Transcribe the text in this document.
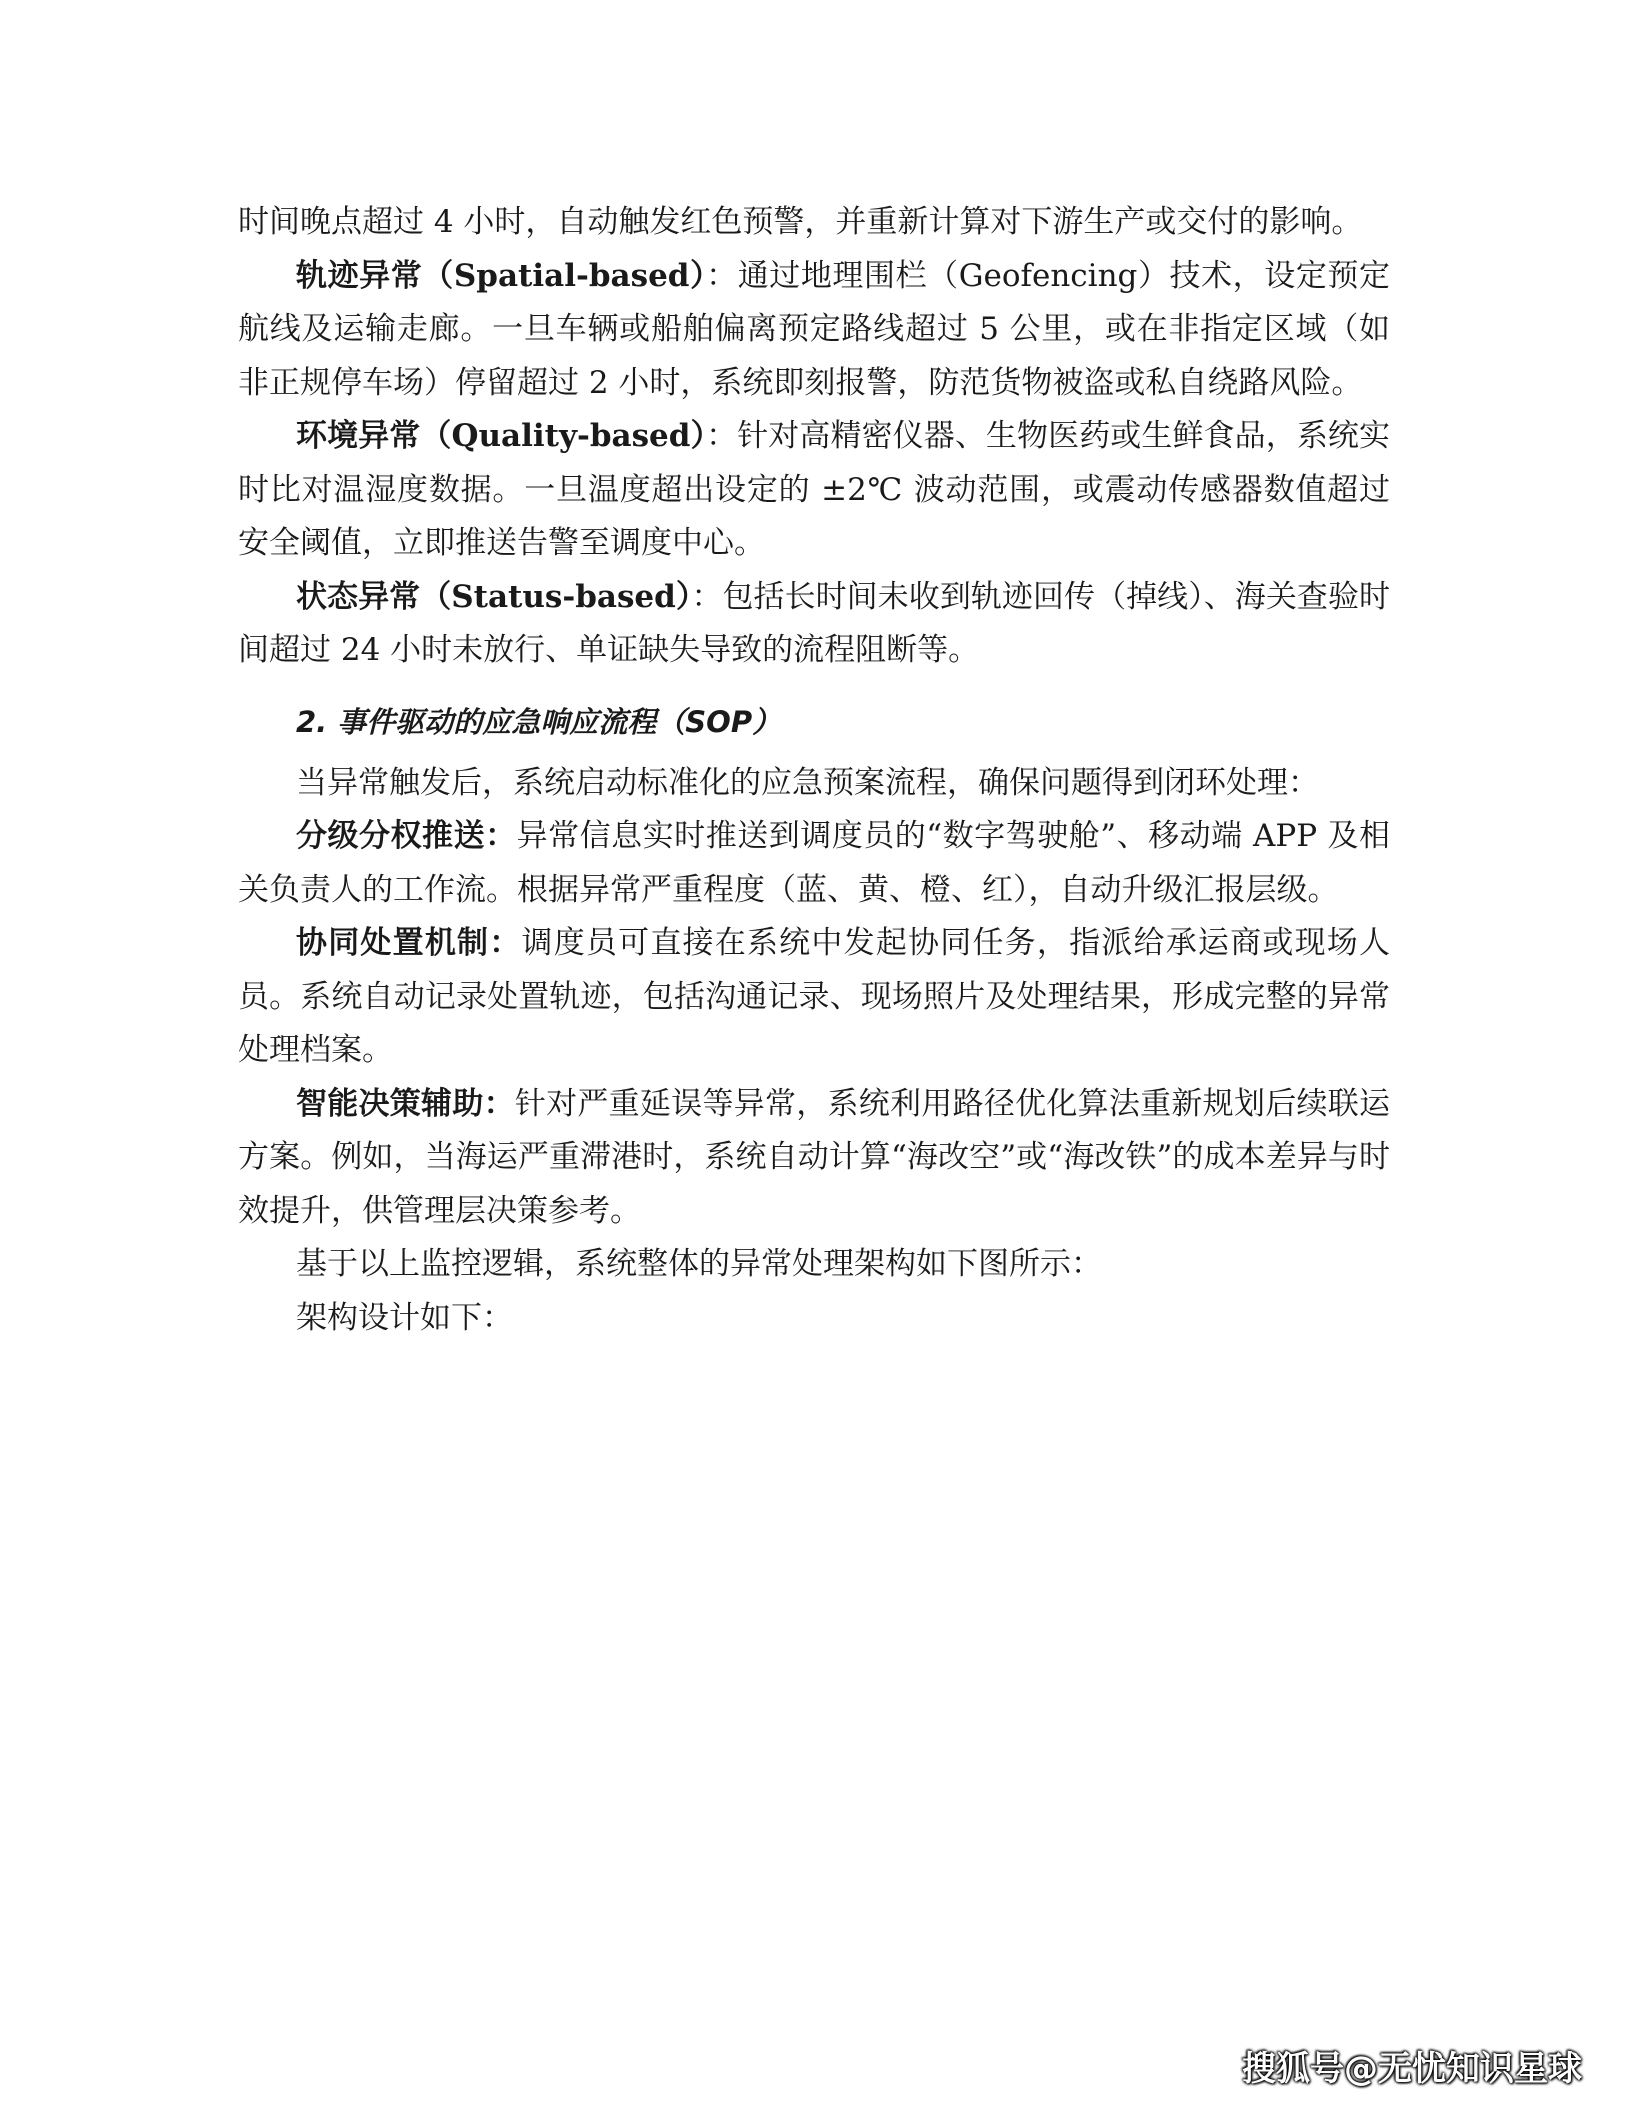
时间晚点超过 4 小时，自动触发红色预警，并重新计算对下游生产或交付的影响。

轨迹异常（Spatial-based）：通过地理围栏（Geofencing）技术，设定预定航线及运输走廊。一旦车辆或船舶偏离预定路线超过 5 公里，或在非指定区域（如非正规停车场）停留超过 2 小时，系统即刻报警，防范货物被盗或私自绕路风险。

环境异常（Quality-based）：针对高精密仪器、生物医药或生鲜食品，系统实时比对温湿度数据。一旦温度超出设定的 ±2℃ 波动范围，或震动传感器数值超过安全阈值，立即推送告警至调度中心。

状态异常（Status-based）：包括长时间未收到轨迹回传（掉线）、海关查验时间超过 24 小时未放行、单证缺失导致的流程阻断等。

2. 事件驱动的应急响应流程（SOP）

当异常触发后，系统启动标准化的应急预案流程，确保问题得到闭环处理：

分级分权推送：异常信息实时推送到调度员的“数字驾驶舱”、移动端 APP 及相关负责人的工作流。根据异常严重程度（蓝、黄、橙、红），自动升级汇报层级。

协同处置机制：调度员可直接在系统中发起协同任务，指派给承运商或现场人员。系统自动记录处置轨迹，包括沟通记录、现场照片及处理结果，形成完整的异常处理档案。

智能决策辅助：针对严重延误等异常，系统利用路径优化算法重新规划后续联运方案。例如，当海运严重滞港时，系统自动计算“海改空”或“海改铁”的成本差异与时效提升，供管理层决策参考。

基于以上监控逻辑，系统整体的异常处理架构如下图所示：

架构设计如下：

搜狐号@无忧知识星球
